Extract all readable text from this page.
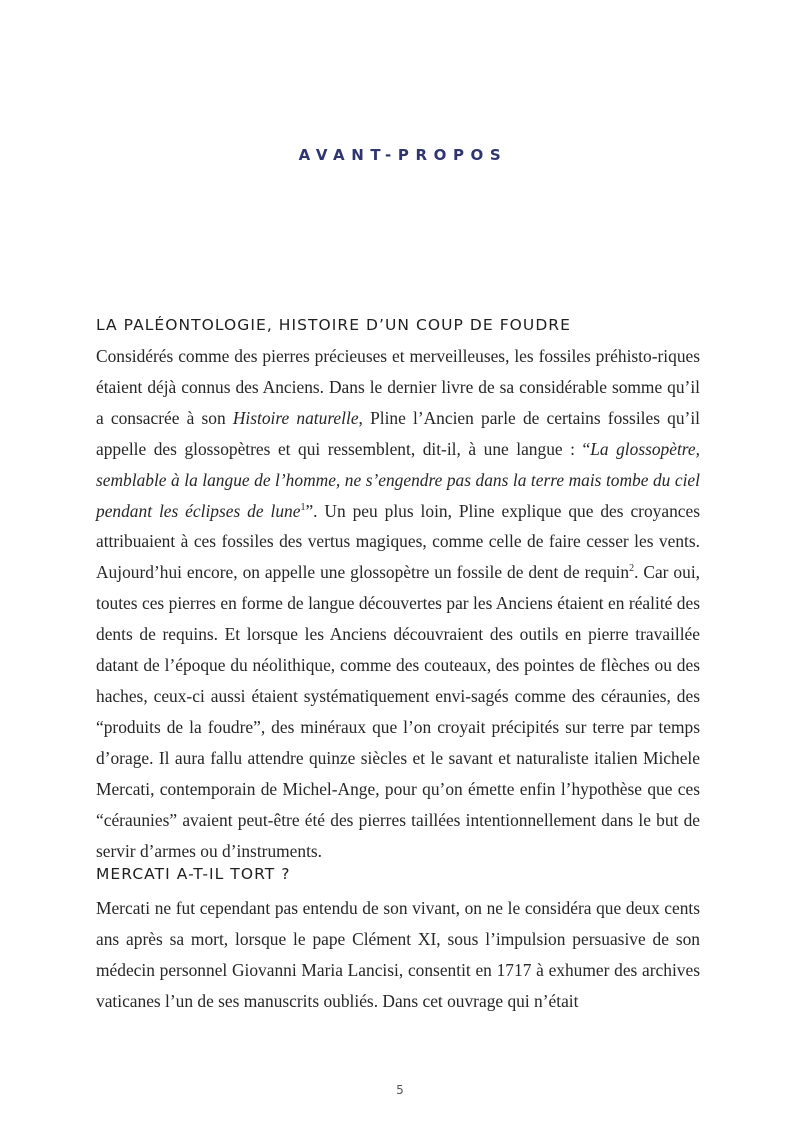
AVANT-PROPOS
LA PALÉONTOLOGIE, HISTOIRE D’UN COUP DE FOUDRE

Considérés comme des pierres précieuses et merveilleuses, les fossiles préhisto-riques étaient déjà connus des Anciens. Dans le dernier livre de sa considérable somme qu’il a consacrée à son Histoire naturelle, Pline l’Ancien parle de certains fossiles qu’il appelle des glossopètres et qui ressemblent, dit-il, à une langue : “La glossopètre, semblable à la langue de l’homme, ne s’engendre pas dans la terre mais tombe du ciel pendant les éclipses de lune$^1$”. Un peu plus loin, Pline explique que des croyances attribuaient à ces fossiles des vertus magiques, comme celle de faire cesser les vents. Aujourd’hui encore, on appelle une glossopètre un fossile de dent de requin$^2$. Car oui, toutes ces pierres en forme de langue découvertes par les Anciens étaient en réalité des dents de requins. Et lorsque les Anciens découvraient des outils en pierre travaillée datant de l’époque du néolithique, comme des couteaux, des pointes de flèches ou des haches, ceux-ci aussi étaient systématiquement envi-sagés comme des céraunies, des “produits de la foudre”, des minéraux que l’on croyait précipités sur terre par temps d’orage. Il aura fallu attendre quinze siècles et le savant et naturaliste italien Michele Mercati, contemporain de Michel-Ange, pour qu’on émette enfin l’hypothèse que ces “céraunies” avaient peut-être été des pierres taillées intentionnellement dans le but de servir d’armes ou d’instruments.

MERCATI A-T-IL TORT ?

Mercati ne fut cependant pas entendu de son vivant, on ne le considéra que deux cents ans après sa mort, lorsque le pape Clément XI, sous l’impulsion persuasive de son médecin personnel Giovanni Maria Lancisi, consentit en 1717 à exhumer des archives vaticanes l’un de ses manuscrits oubliés. Dans cet ouvrage qui n’était

5
